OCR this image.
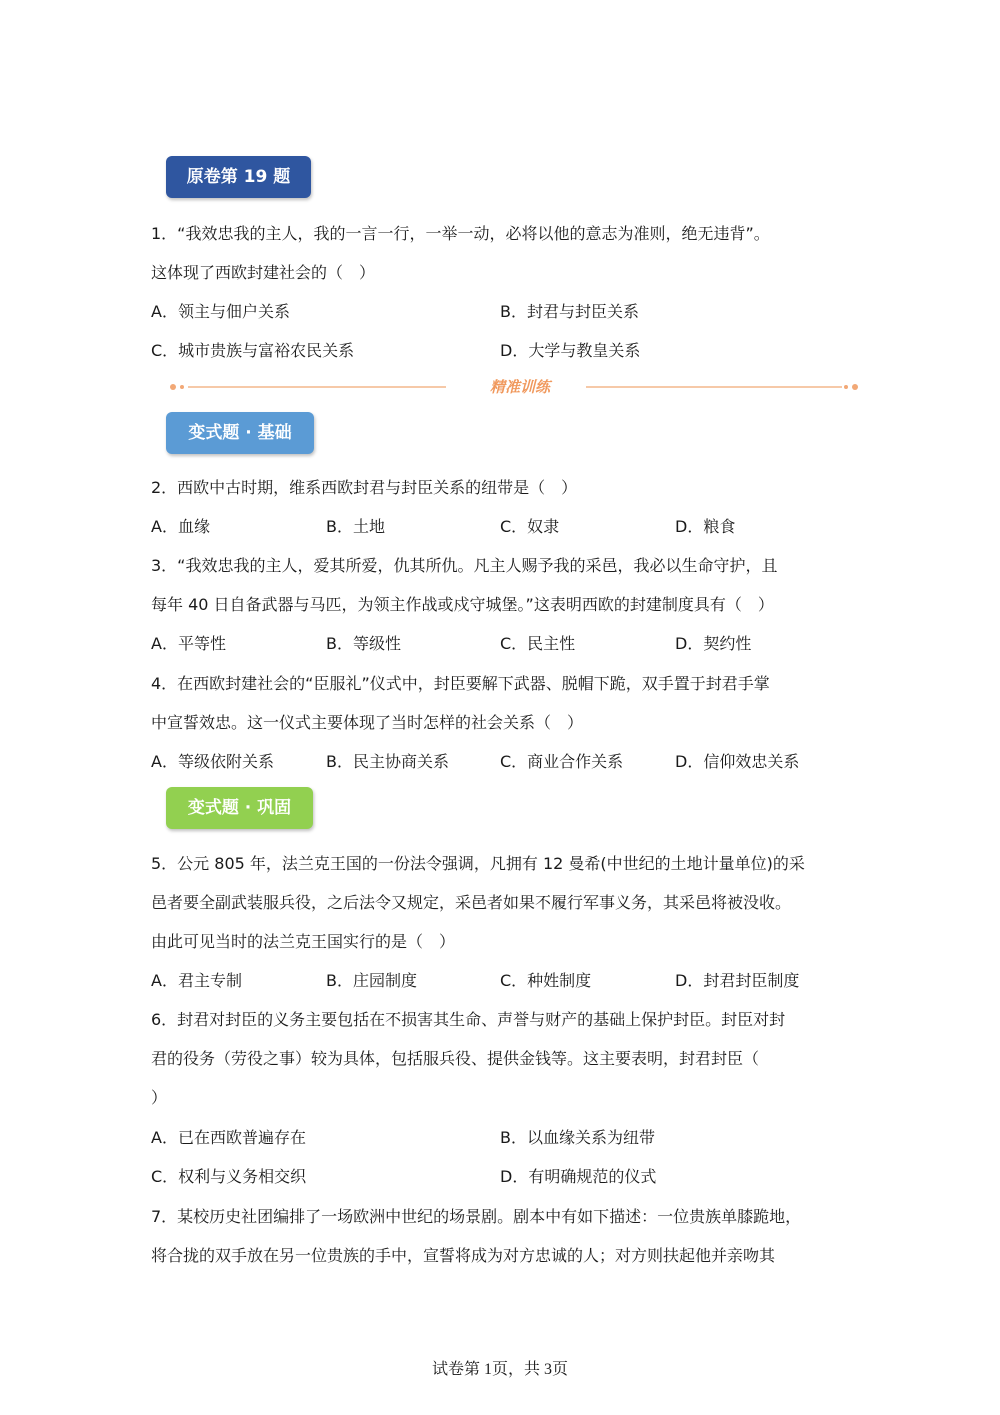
原卷第 19 题
变式题 · 基础
变式题 · 巩固
1．“我效忠我的主人，我的一言一行，一举一动，必将以他的意志为准则，绝无违背”。
这体现了西欧封建社会的（　）
A．领主与佃户关系	B．封君与封臣关系
C．城市贵族与富裕农民关系	D．大学与教皇关系
精准训练
2．西欧中古时期，维系西欧封君与封臣关系的纽带是（　）
A．血缘	B．土地	C．奴隶	D．粮食
3．“我效忠我的主人，爱其所爱，仇其所仇。凡主人赐予我的采邑，我必以生命守护，且
每年 40 日自备武器与马匹，为领主作战或戍守城堡。”这表明西欧的封建制度具有（　）
A．平等性	B．等级性	C．民主性	D．契约性
4．在西欧封建社会的“臣服礼”仪式中，封臣要解下武器、脱帽下跪，双手置于封君手掌
中宣誓效忠。这一仪式主要体现了当时怎样的社会关系（　）
A．等级依附关系	B．民主协商关系	C．商业合作关系	D．信仰效忠关系
5．公元 805 年，法兰克王国的一份法令强调，凡拥有 12 曼希(中世纪的土地计量单位)的采
邑者要全副武装服兵役，之后法令又规定，采邑者如果不履行军事义务，其采邑将被没收。
由此可见当时的法兰克王国实行的是（　）
A．君主专制	B．庄园制度	C．种姓制度	D．封君封臣制度
6．封君对封臣的义务主要包括在不损害其生命、声誉与财产的基础上保护封臣。封臣对封
君的役务（劳役之事）较为具体，包括服兵役、提供金钱等。这主要表明，封君封臣（
）
A．已在西欧普遍存在	B．以血缘关系为纽带
C．权利与义务相交织	D．有明确规范的仪式
7．某校历史社团编排了一场欧洲中世纪的场景剧。剧本中有如下描述：一位贵族单膝跪地，
将合拢的双手放在另一位贵族的手中，宣誓将成为对方忠诚的人；对方则扶起他并亲吻其
试卷第 1页，共 3页
